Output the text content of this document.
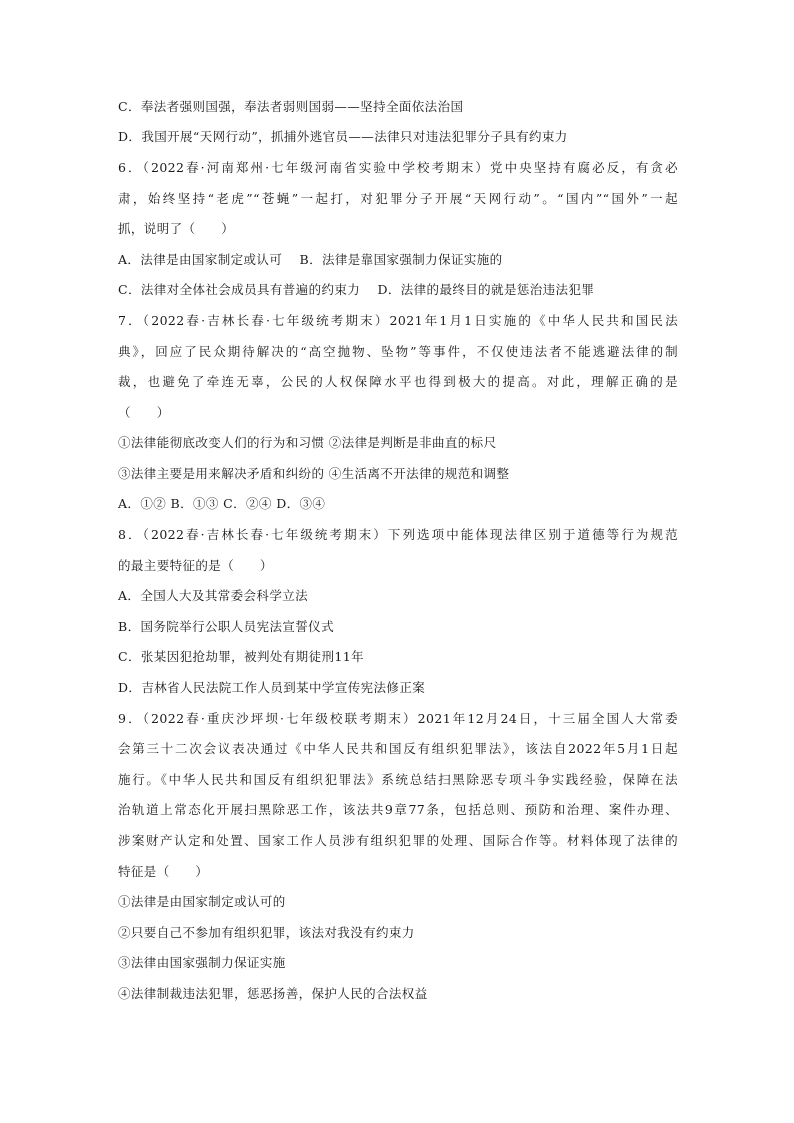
C．奉法者强则国强，奉法者弱则国弱——坚持全面依法治国
D．我国开展“天网行动”，抓捕外逃官员——法律只对违法犯罪分子具有约束力
6．（2022春·河南郑州·七年级河南省实验中学校考期末）党中央坚持有腐必反，有贪必
肃，始终坚持“老虎”“苍蝇”一起打，对犯罪分子开展“天网行动”。“国内”“国外”一起
抓，说明了（　　）
A．法律是由国家制定或认可　 B．法律是靠国家强制力保证实施的
C．法律对全体社会成员具有普遍的约束力　 D．法律的最终目的就是惩治违法犯罪
7．（2022春·吉林长春·七年级统考期末）2021年1月1日实施的《中华人民共和国民法
典》，回应了民众期待解决的“高空抛物、坠物”等事件，不仅使违法者不能逃避法律的制
裁，也避免了牵连无辜，公民的人权保障水平也得到极大的提高。对此，理解正确的是
（　　）
①法律能彻底改变人们的行为和习惯 ②法律是判断是非曲直的标尺
③法律主要是用来解决矛盾和纠纷的 ④生活离不开法律的规范和调整
A．①② B．①③ C．②④ D．③④
8．（2022春·吉林长春·七年级统考期末）下列选项中能体现法律区别于道德等行为规范
的最主要特征的是（　　）
A．全国人大及其常委会科学立法
B．国务院举行公职人员宪法宣誓仪式
C．张某因犯抢劫罪，被判处有期徒刑11年
D．吉林省人民法院工作人员到某中学宣传宪法修正案
9．（2022春·重庆沙坪坝·七年级校联考期末）2021年12月24日，十三届全国人大常委
会第三十二次会议表决通过《中华人民共和国反有组织犯罪法》，该法自2022年5月1日起
施行。《中华人民共和国反有组织犯罪法》系统总结扫黑除恶专项斗争实践经验，保障在法
治轨道上常态化开展扫黑除恶工作，该法共9章77条，包括总则、预防和治理、案件办理、
涉案财产认定和处置、国家工作人员涉有组织犯罪的处理、国际合作等。材料体现了法律的
特征是（　　）
①法律是由国家制定或认可的
②只要自己不参加有组织犯罪，该法对我没有约束力
③法律由国家强制力保证实施
④法律制裁违法犯罪，惩恶扬善，保护人民的合法权益
